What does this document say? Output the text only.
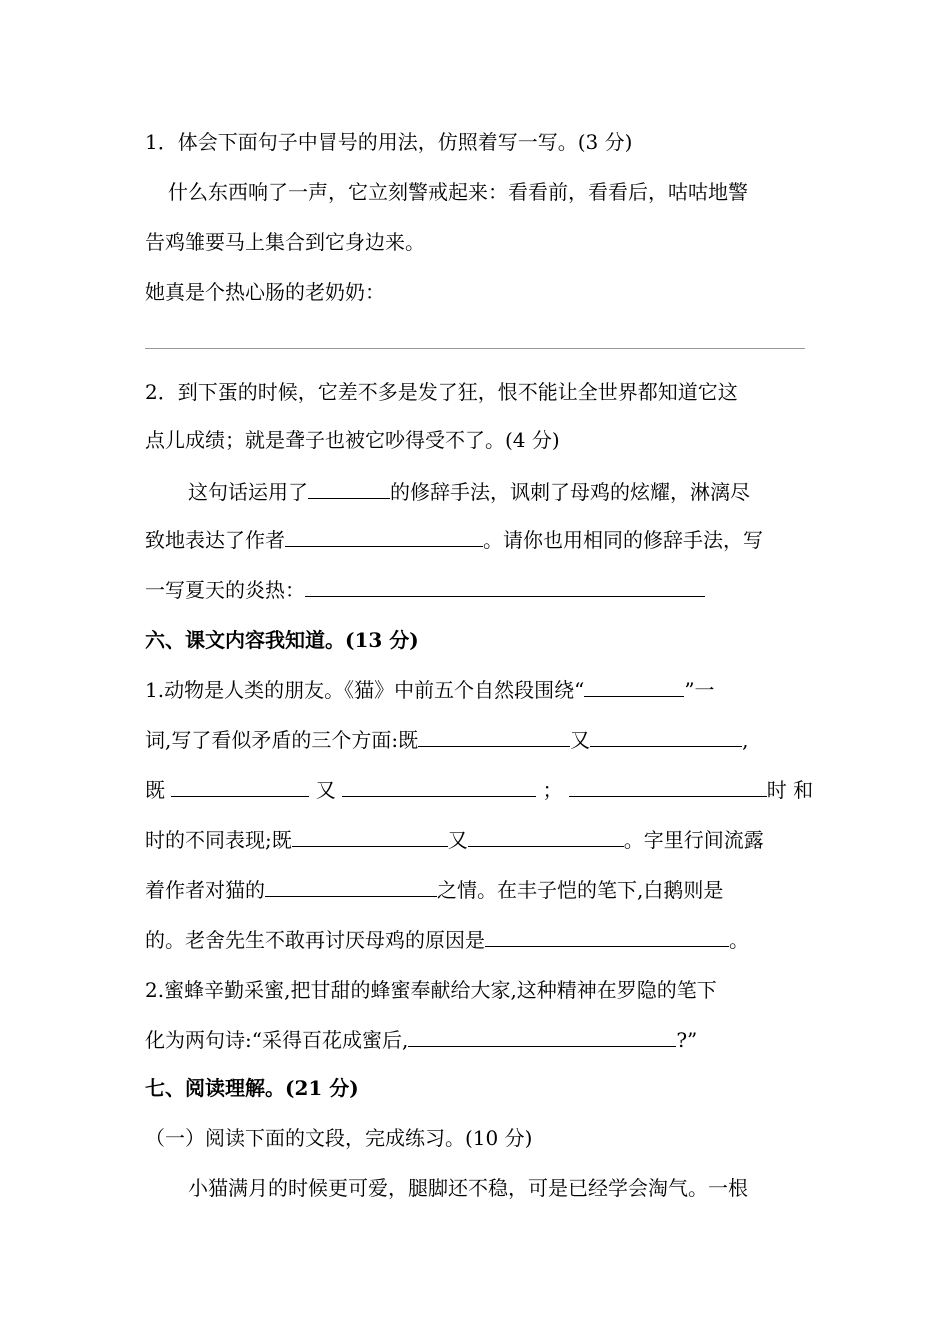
1．体会下面句子中冒号的用法，仿照着写一写。(3 分)
什么东西响了一声，它立刻警戒起来：看看前，看看后，咕咕地警
告鸡雏要马上集合到它身边来。
她真是个热心肠的老奶奶：
2．到下蛋的时候，它差不多是发了狂，恨不能让全世界都知道它这
点儿成绩；就是聋子也被它吵得受不了。(4 分)
这句话运用了	的修辞手法，讽刺了母鸡的炫耀，淋漓尽
致地表达了作者	。请你也用相同的修辞手法，写
一写夏天的炎热：
六、课文内容我知道。(13 分)
1.动物是人类的朋友。《猫》中前五个自然段围绕“	”一
词,写了看似矛盾的三个方面:既	又	,
既	又	；	时 和
时的不同表现;既	又	。字里行间流露
着作者对猫的	之情。在丰子恺的笔下,白鹅则是
的。老舍先生不敢再讨厌母鸡的原因是	。
2.蜜蜂辛勤采蜜,把甘甜的蜂蜜奉献给大家,这种精神在罗隐的笔下
化为两句诗:“采得百花成蜜后,	?”
七、阅读理解。(21 分)
（一）阅读下面的文段，完成练习。(10 分)
小猫满月的时候更可爱，腿脚还不稳，可是已经学会淘气。一根
